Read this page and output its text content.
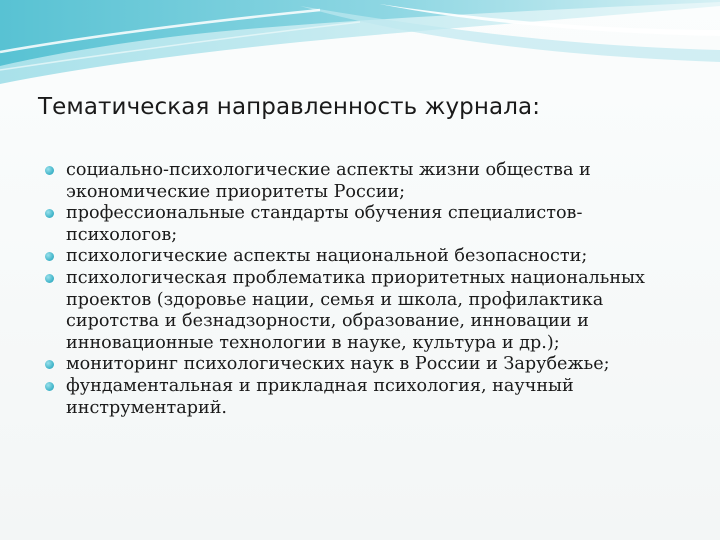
Тематическая направленность журнала:
социально-психологические аспекты жизни общества и экономические приоритеты России;
профессиональные стандарты обучения специалистов-психологов;
психологические аспекты национальной безопасности;
психологическая проблематика приоритетных национальных проектов (здоровье нации, семья и школа, профилактика сиротства и безнадзорности, образование, инновации и инновационные технологии в науке, культура и др.);
мониторинг психологических наук в России и Зарубежье;
фундаментальная и прикладная психология, научный инструментарий.
